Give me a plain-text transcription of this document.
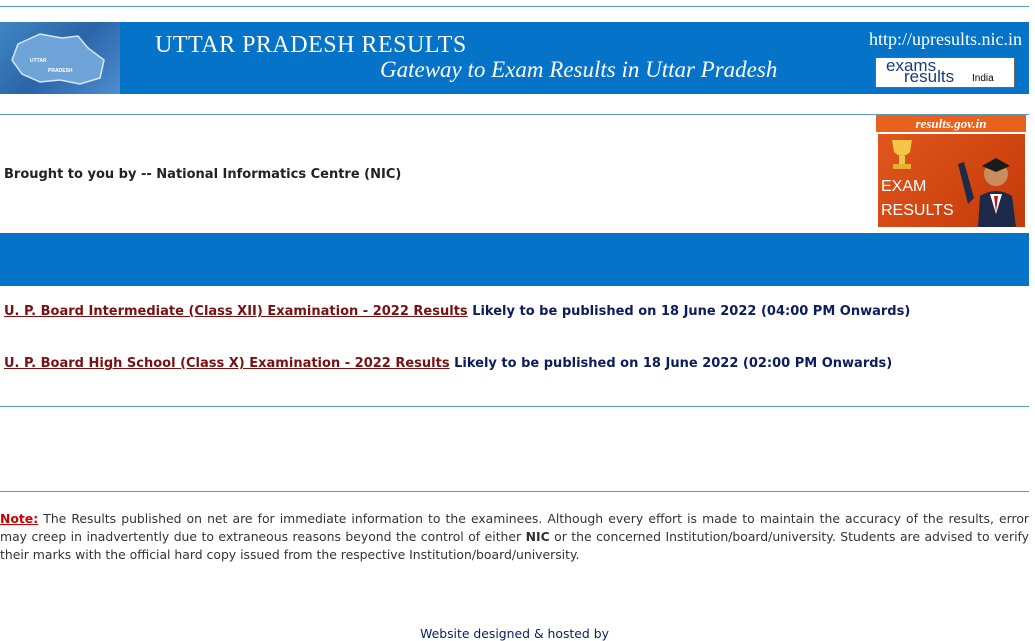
UTTAR
PRADESH
UTTAR PRADESH RESULTS
Gateway to Exam Results in Uttar Pradesh
http://upresults.nic.in
exams
results India
Brought to you by -- National Informatics Centre (NIC)
results.gov.in
EXAM
RESULTS
U. P. Board Intermediate (Class XII) Examination - 2022 Results Likely to be published on 18 June 2022 (04:00 PM Onwards)
U. P. Board High School (Class X) Examination - 2022 Results Likely to be published on 18 June 2022 (02:00 PM Onwards)
Note: The Results published on net are for immediate information to the examinees. Although every effort is made to maintain the accuracy of the results, error may creep in inadvertently due to extraneous reasons beyond the control of either NIC or the concerned Institution/board/university. Students are advised to verify their marks with the official hard copy issued from the respective Institution/board/university.
Website designed & hosted by
